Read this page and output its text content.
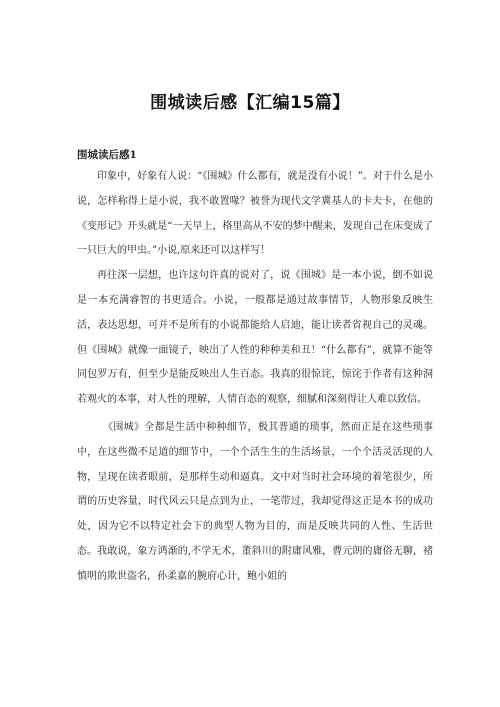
围城读后感【汇编15篇】
围城读后感1

印象中，好象有人说：“《围城》什么都有，就是没有小说！”。对于什么是小说，怎样称得上是小说，我不敢置喙？被誉为现代文学冀基人的卡夫卡，在他的《变形记》开头就是“一天早上，格里高从不安的梦中醒来，发现自己在床变成了一只巨大的甲虫。”小说,原来还可以这样写！

再往深一层想，也许这句许真的说对了，说《围城》是一本小说，倒不如说是一本充满睿智的书更适合。小说，一般都是通过故事情节，人物形象反映生活，表达思想，可并不是所有的小说都能给人启迪，能让读者省视自己的灵魂。但《围城》就像一面镜子，映出了人性的种种美和丑！“什么都有”，就算不能等同包罗万有，但至少是能反映出人生百态。我真的很惊诧，惊诧于作者有这种洞若观火的本事，对人性的理解，人情百态的观察，细腻和深刻得让人难以致信。

《围城》全都是生活中种种细节，极其普通的琐事，然而正是在这些琐事中，在这些微不足道的细节中，一个个活生生的生活场景，一个个活灵活现的人物，呈现在读者眼前，是那样生动和逼真。文中对当时社会环境的着笔很少，所谓的历史容量，时代风云只是点到为止，一笔带过，我却觉得这正是本书的成功处，因为它不以特定社会下的典型人物为目的，而是反映共同的人性、生活世态。我敢说，象方鸿渐的,不学无术，董斜川的附庸风雅，曹元朗的庸俗无聊，褚慎明的欺世盗名，孙柔嘉的腕府心计，鲍小姐的
